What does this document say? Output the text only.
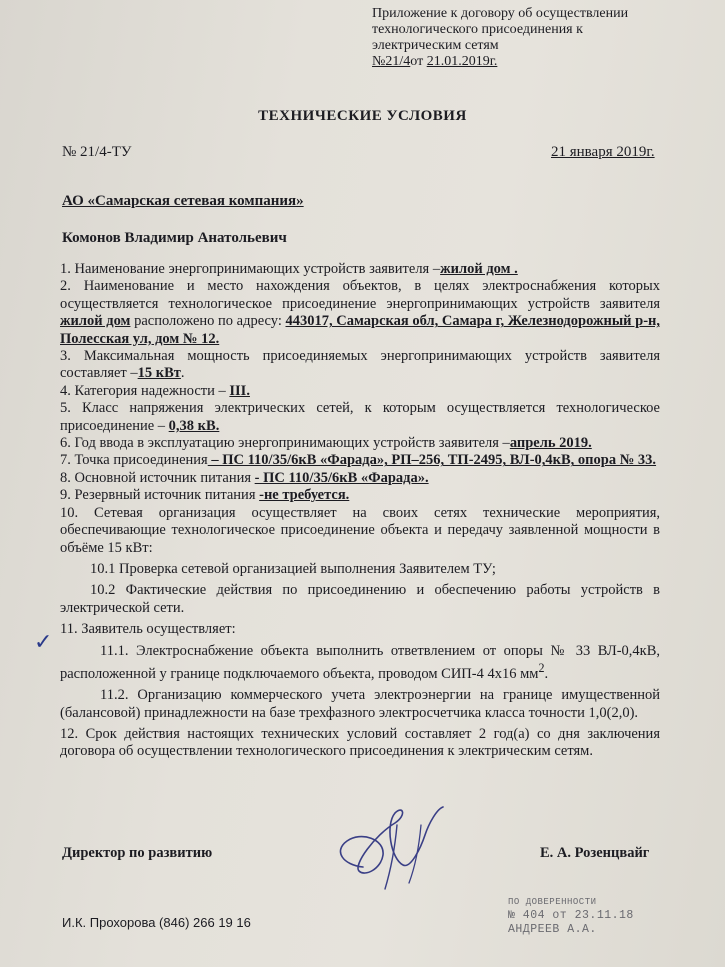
Приложение к договору об осуществлении
технологического присоединения к
электрическим сетям
№21/4от 21.01.2019г.
ТЕХНИЧЕСКИЕ УСЛОВИЯ
№ 21/4-ТУ	21 января 2019г.
АО «Самарская сетевая компания»
Комонов Владимир Анатольевич

1. Наименование энергопринимающих устройств заявителя –жилой дом .

2. Наименование и место нахождения объектов, в целях электроснабжения которых осуществляется технологическое присоединение энергопринимающих устройств заявителя жилой дом расположено по адресу: 443017, Самарская обл, Самара г, Железнодорожный р-н, Полесская ул, дом № 12.

3. Максимальная мощность присоединяемых энергопринимающих устройств заявителя составляет –15 кВт.

4. Категория надежности – III.

5. Класс напряжения электрических сетей, к которым осуществляется технологическое присоединение – 0,38 кВ.

6. Год ввода в эксплуатацию энергопринимающих устройств заявителя –апрель 2019.

7. Точка присоединения – ПС 110/35/6кВ «Фарада», РП–256, ТП-2495, ВЛ-0,4кВ, опора № 33.

8. Основной источник питания - ПС 110/35/6кВ «Фарада».

9. Резервный источник питания -не требуется.

10. Сетевая организация осуществляет на своих сетях технические мероприятия, обеспечивающие технологическое присоединение объекта и передачу заявленной мощности в объёме 15 кВт:

10.1 Проверка сетевой организацией выполнения Заявителем ТУ;

10.2 Фактические действия по присоединению и обеспечению работы устройств в электрической сети.

11. Заявитель осуществляет:

11.1. Электроснабжение объекта выполнить ответвлением от опоры № 33 ВЛ-0,4кВ, расположенной у границе подключаемого объекта, проводом СИП-4 4х16 $мм^2$.

11.2. Организацию коммерческого учета электроэнергии на границе имущественной (балансовой) принадлежности на базе трехфазного электросчетчика класса точности 1,0(2,0).

12. Срок действия настоящих технических условий составляет 2 год(а) со дня заключения договора об осуществлении технологического присоединения к электрическим сетям.

✓
Директор по развитию	Е. А. Розенцвайг
И.К. Прохорова (846) 266 19 16
ПО ДОВЕРЕННОСТИ
№ 404 от 23.11.18
АНДРЕЕВ А.А.
